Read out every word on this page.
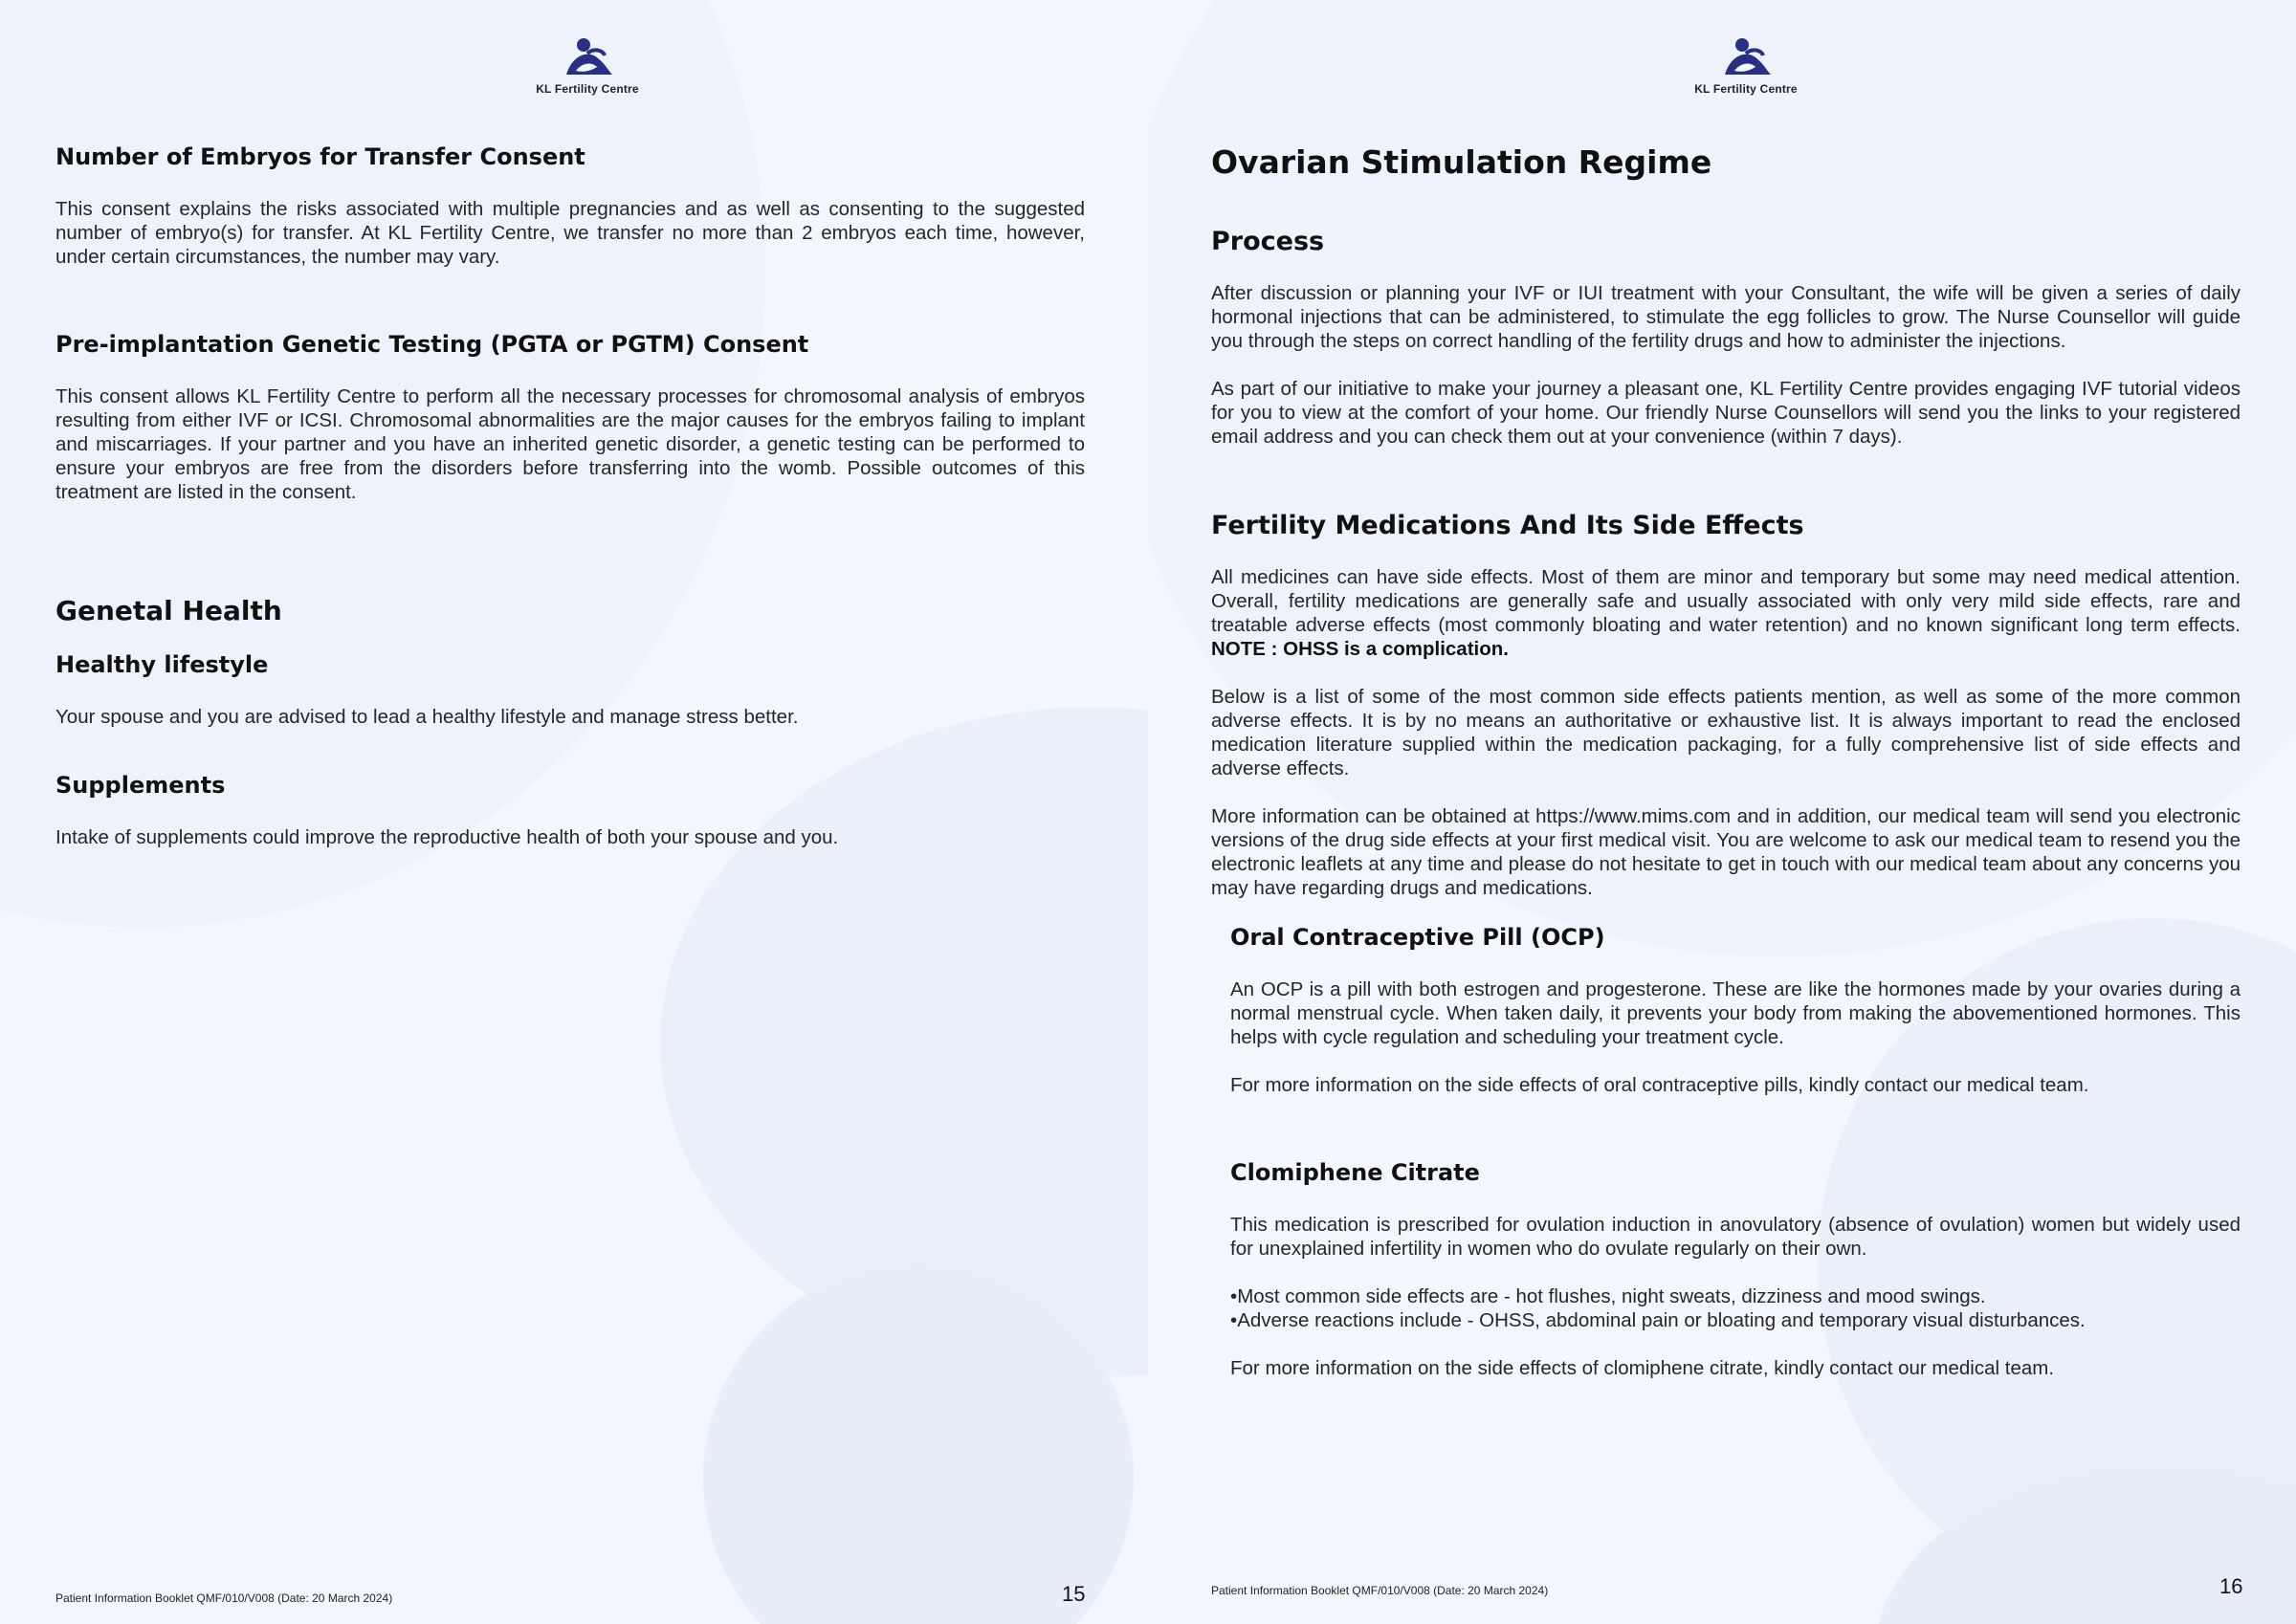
KL Fertility Centre
Number of Embryos for Transfer Consent

This consent explains the risks associated with multiple pregnancies and as well as consenting to the suggested number of embryo(s) for transfer. At KL Fertility Centre, we transfer no more than 2 embryos each time, however, under certain circumstances, the number may vary.

Pre-implantation Genetic Testing (PGTA or PGTM) Consent

This consent allows KL Fertility Centre to perform all the necessary processes for chromosomal analysis of embryos resulting from either IVF or ICSI. Chromosomal abnormalities are the major causes for the embryos failing to implant and miscarriages. If your partner and you have an inherited genetic disorder, a genetic testing can be performed to ensure your embryos are free from the disorders before transferring into the womb. Possible outcomes of this treatment are listed in the consent.

Genetal Health
Healthy lifestyle

Your spouse and you are advised to lead a healthy lifestyle and manage stress better.

Supplements

Intake of supplements could improve the reproductive health of both your spouse and you.

Patient Information Booklet QMF/010/V008 (Date: 20 March 2024)	15
KL Fertility Centre
Ovarian Stimulation Regime
Process

After discussion or planning your IVF or IUI treatment with your Consultant, the wife will be given a series of daily hormonal injections that can be administered, to stimulate the egg follicles to grow. The Nurse Counsellor will guide you through the steps on correct handling of the fertility drugs and how to administer the injections.

As part of our initiative to make your journey a pleasant one, KL Fertility Centre provides engaging IVF tutorial videos for you to view at the comfort of your home. Our friendly Nurse Counsellors will send you the links to your registered email address and you can check them out at your convenience (within 7 days).

Fertility Medications And Its Side Effects

All medicines can have side effects. Most of them are minor and temporary but some may need medical attention. Overall, fertility medications are generally safe and usually associated with only very mild side effects, rare and treatable adverse effects (most commonly bloating and water retention) and no known significant long term effects. NOTE : OHSS is a complication.

Below is a list of some of the most common side effects patients mention, as well as some of the more common adverse effects. It is by no means an authoritative or exhaustive list. It is always important to read the enclosed medication literature supplied within the medication packaging, for a fully comprehensive list of side effects and adverse effects.

More information can be obtained at https://www.mims.com and in addition, our medical team will send you electronic versions of the drug side effects at your first medical visit. You are welcome to ask our medical team to resend you the electronic leaflets at any time and please do not hesitate to get in touch with our medical team about any concerns you may have regarding drugs and medications.

Oral Contraceptive Pill (OCP)

An OCP is a pill with both estrogen and progesterone. These are like the hormones made by your ovaries during a normal menstrual cycle. When taken daily, it prevents your body from making the abovementioned hormones. This helps with cycle regulation and scheduling your treatment cycle.

For more information on the side effects of oral contraceptive pills, kindly contact our medical team.

Clomiphene Citrate

This medication is prescribed for ovulation induction in anovulatory (absence of ovulation) women but widely used for unexplained infertility in women who do ovulate regularly on their own.

• Most common side effects are - hot flushes, night sweats, dizziness and mood swings.
• Adverse reactions include - OHSS, abdominal pain or bloating and temporary visual disturbances.

For more information on the side effects of clomiphene citrate, kindly contact our medical team.

Patient Information Booklet QMF/010/V008 (Date: 20 March 2024)	16
